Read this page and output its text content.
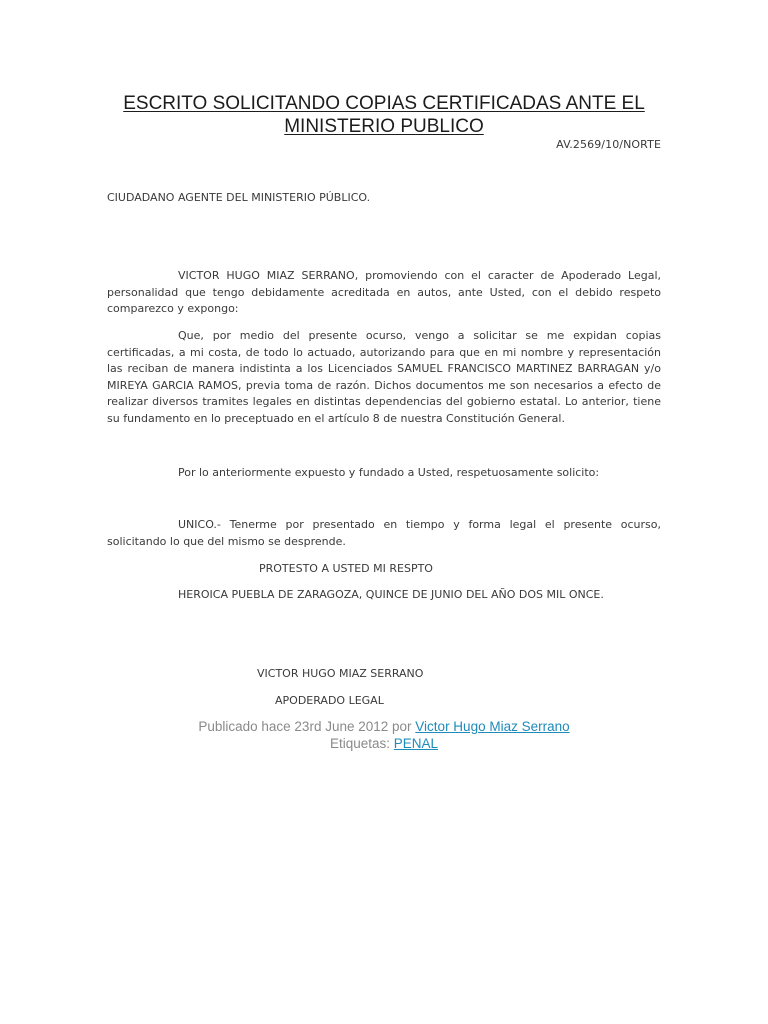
ESCRITO SOLICITANDO COPIAS CERTIFICADAS ANTE EL MINISTERIO PUBLICO
AV.2569/10/NORTE
CIUDADANO AGENTE DEL MINISTERIO PÚBLICO.
VICTOR HUGO MIAZ SERRANO, promoviendo con el caracter de Apoderado Legal, personalidad que tengo debidamente acreditada en autos, ante Usted, con el debido respeto comparezco y expongo:
Que, por medio del presente ocurso, vengo a solicitar se me expidan copias certificadas, a mi costa, de todo lo actuado, autorizando para que en mi nombre y representación las reciban de manera indistinta a los Licenciados SAMUEL FRANCISCO MARTINEZ BARRAGAN y/o MIREYA GARCIA RAMOS, previa toma de razón. Dichos documentos me son necesarios a efecto de realizar diversos tramites legales en distintas dependencias del gobierno estatal. Lo anterior, tiene su fundamento en lo preceptuado en el artículo 8 de nuestra Constitución General.
Por lo anteriormente expuesto y fundado a Usted, respetuosamente solicito:
UNICO.- Tenerme por presentado en tiempo y forma legal el presente ocurso, solicitando lo que del mismo se desprende.
PROTESTO A USTED MI RESPTO
HEROICA PUEBLA DE ZARAGOZA, QUINCE DE JUNIO DEL AÑO DOS MIL ONCE.
VICTOR HUGO MIAZ SERRANO
APODERADO LEGAL
Publicado hace 23rd June 2012 por Victor Hugo Miaz Serrano
Etiquetas: PENAL
